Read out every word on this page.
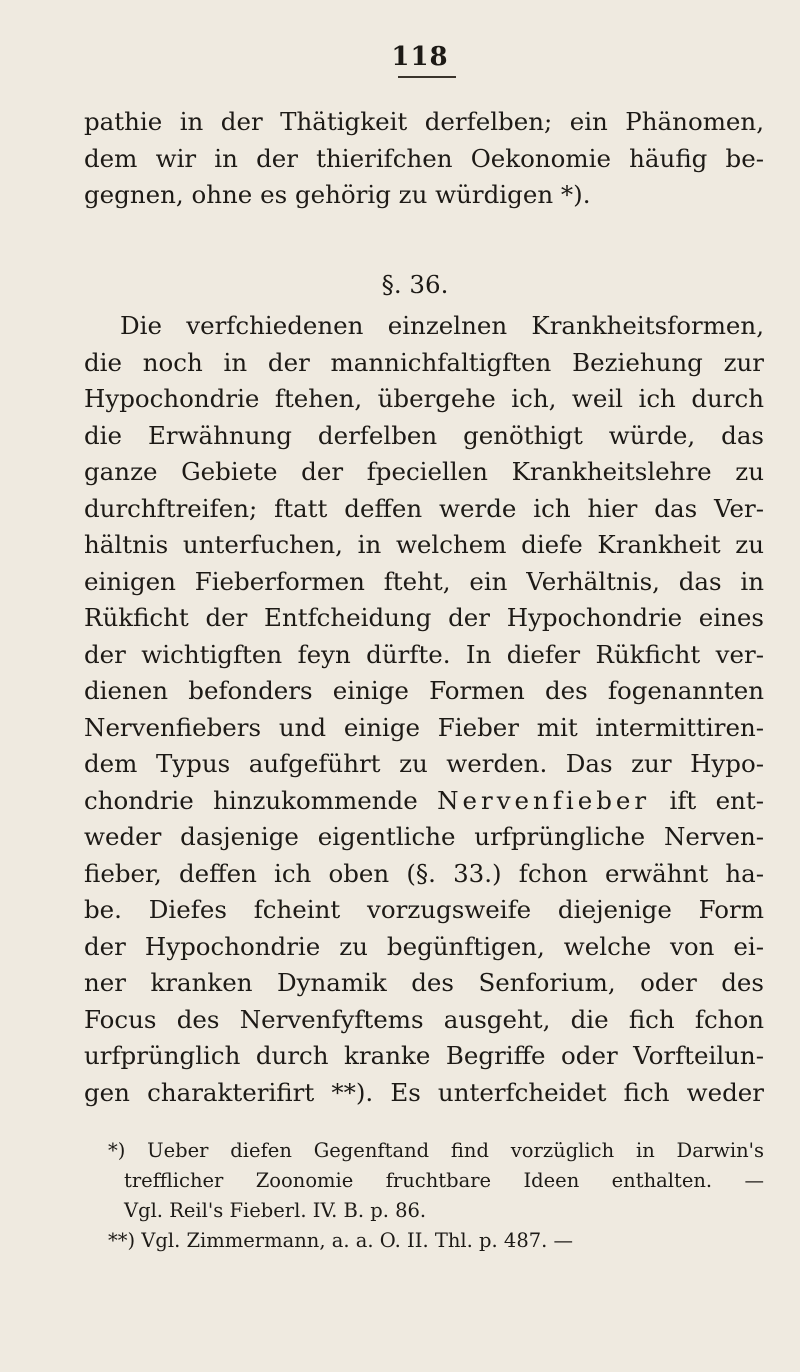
118
pathie in der Thätigkeit derfelben; ein Phänomen,
dem wir in der thierifchen Oekonomie häufig be-
gegnen, ohne es gehörig zu würdigen *).
§. 36.
Die verfchiedenen einzelnen Krankheitsformen,
die noch in der mannichfaltigften Beziehung zur
Hypochondrie ftehen, übergehe ich, weil ich durch
die Erwähnung derfelben genöthigt würde, das
ganze Gebiete der fpeciellen Krankheitslehre zu
durchftreifen; ftatt deffen werde ich hier das Ver-
hältnis unterfuchen, in welchem diefe Krankheit zu
einigen Fieberformen fteht, ein Verhältnis, das in
Rükficht der Entfcheidung der Hypochondrie eines
der wichtigften feyn dürfte. In diefer Rükficht ver-
dienen befonders einige Formen des fogenannten
Nervenfiebers und einige Fieber mit intermittiren-
dem Typus aufgeführt zu werden. Das zur Hypo-
chondrie hinzukommende Nervenfieber ift ent-
weder dasjenige eigentliche urfprüngliche Nerven-
fieber, deffen ich oben (§. 33.) fchon erwähnt ha-
be. Diefes fcheint vorzugsweife diejenige Form
der Hypochondrie zu begünftigen, welche von ei-
ner kranken Dynamik des Senforium, oder des
Focus des Nervenfyftems ausgeht, die fich fchon
urfprünglich durch kranke Begriffe oder Vorfteilun-
gen charakterifirt **). Es unterfcheidet fich weder
*) Ueber diefen Gegenftand find vorzüglich in Darwin's
trefflicher Zoonomie fruchtbare Ideen enthalten. —
Vgl. Reil's Fieberl. IV. B. p. 86.
**) Vgl. Zimmermann, a. a. O. II. Thl. p. 487. —
